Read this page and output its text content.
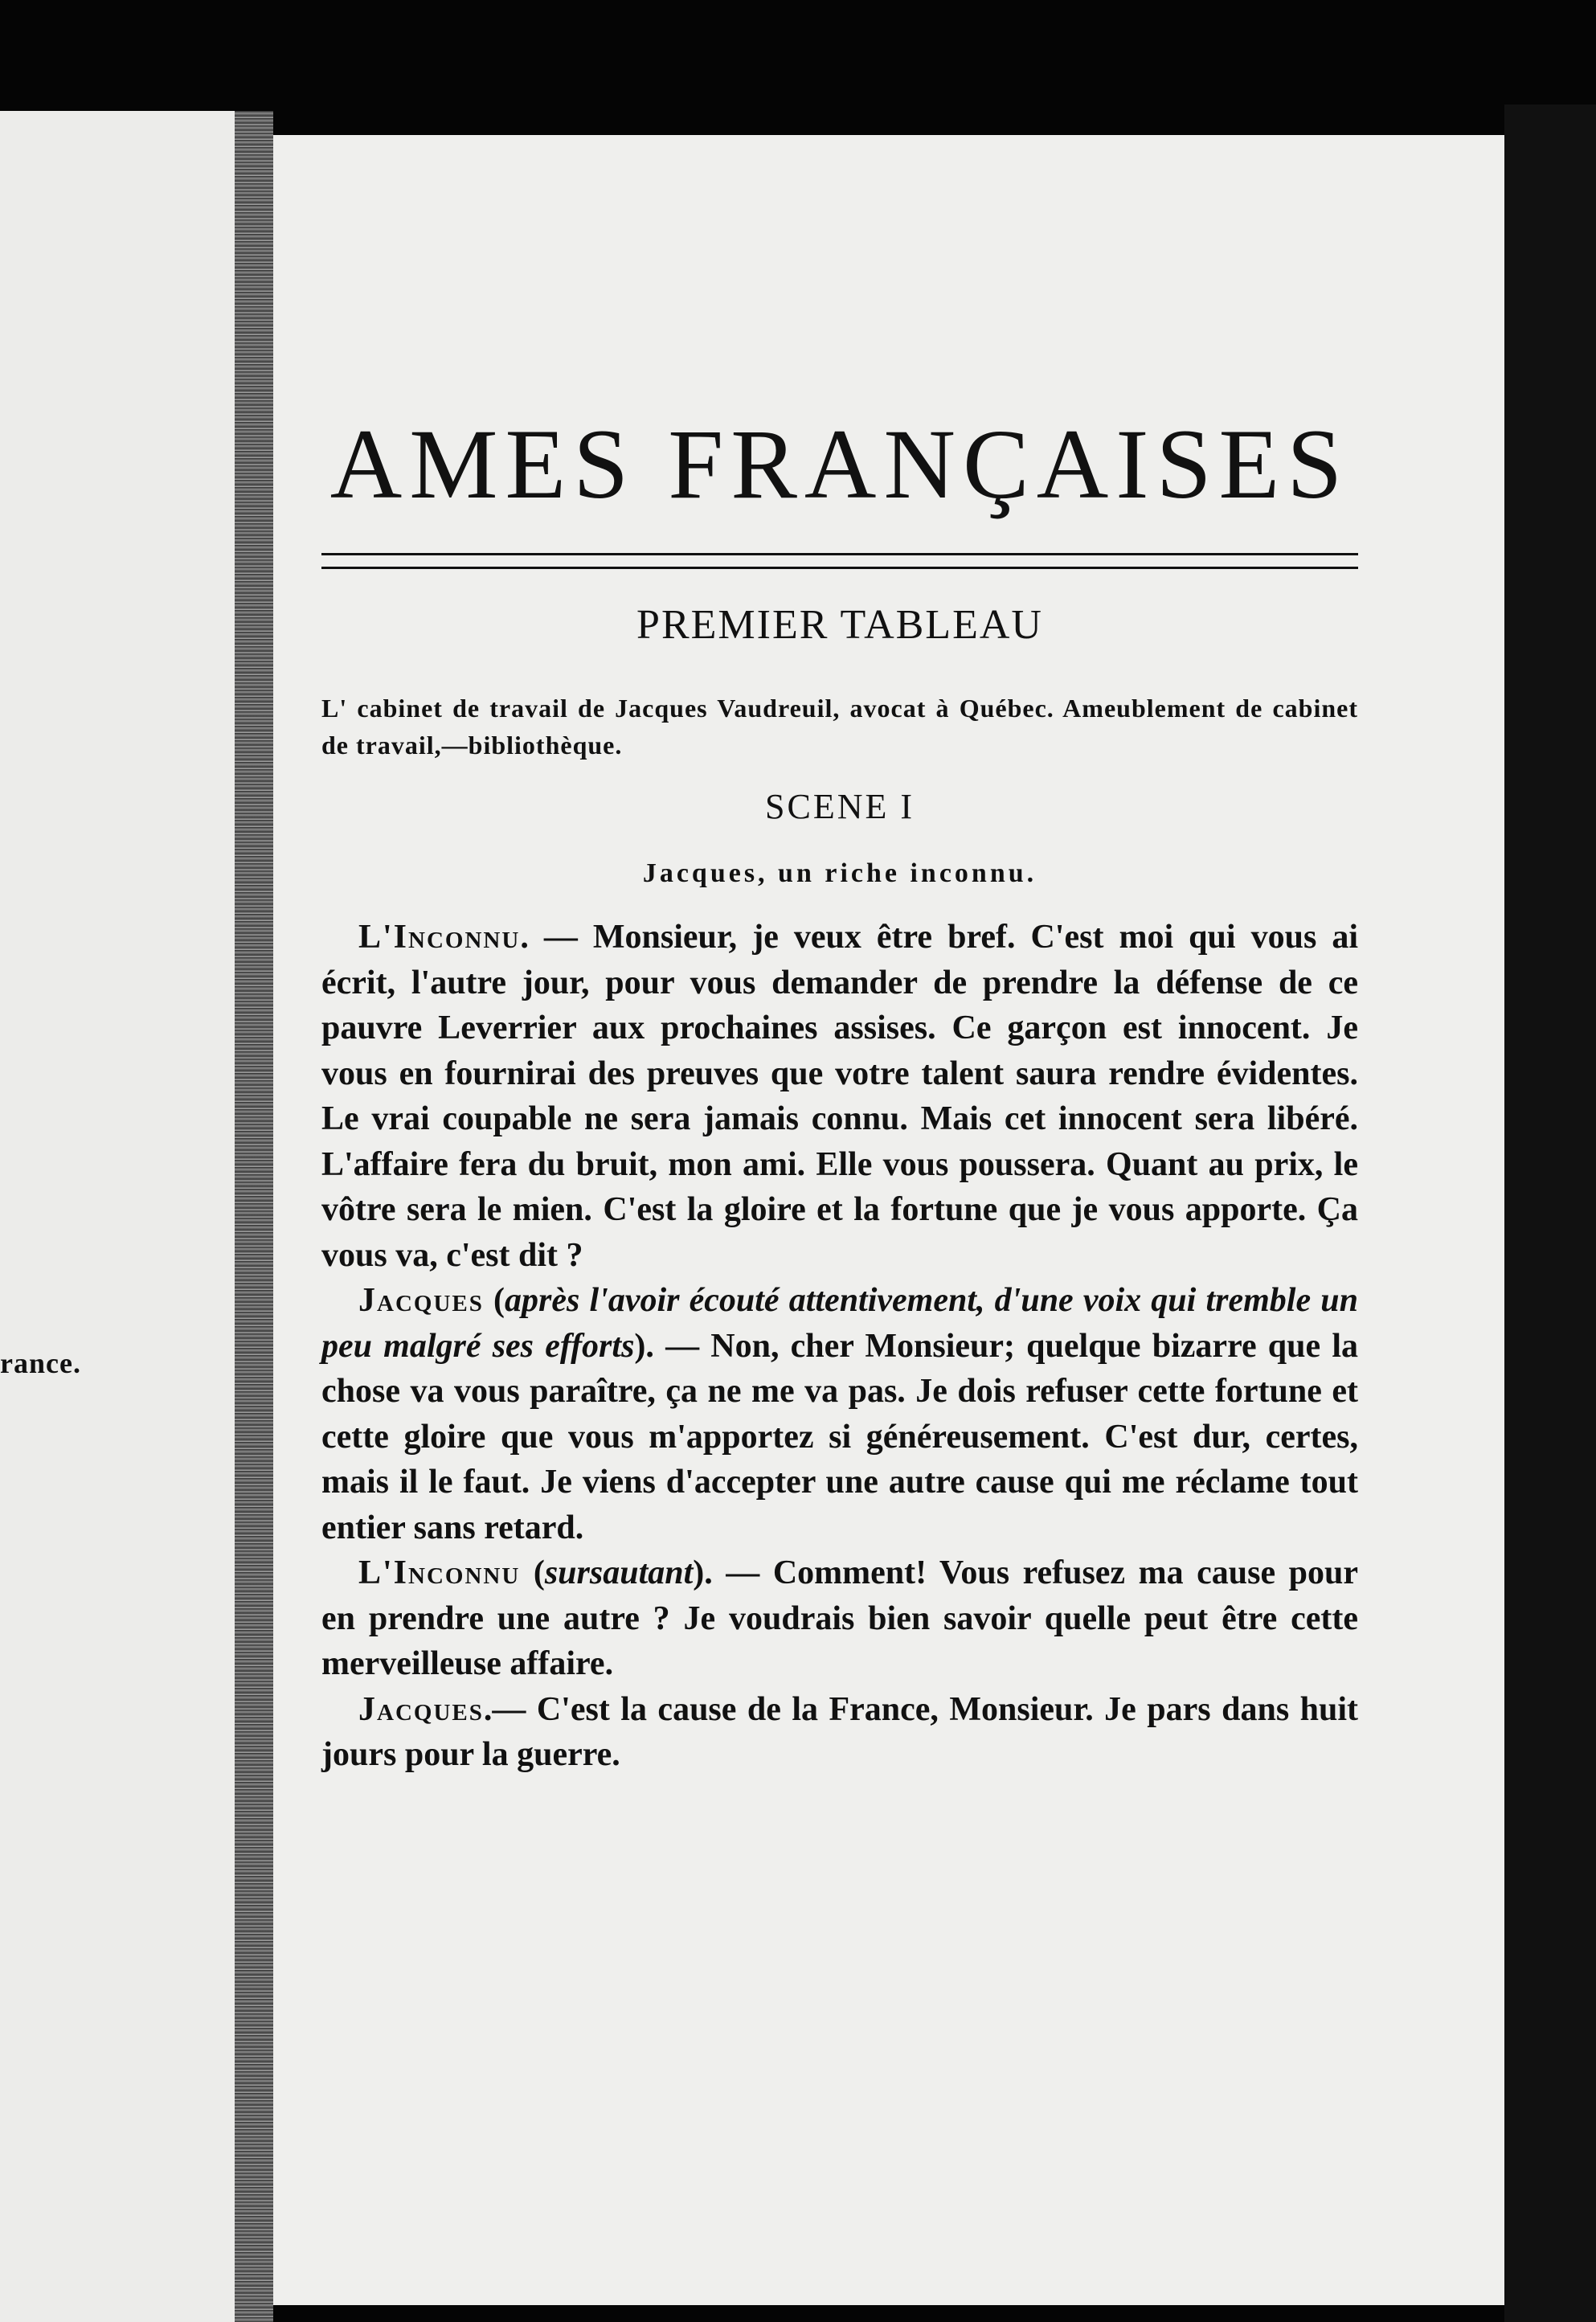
rance.
AMES FRANÇAISES
PREMIER TABLEAU

L' cabinet de travail de Jacques Vaudreuil, avocat à Québec. Ameublement de cabinet de travail,—bibliothèque.

SCENE I

Jacques, un riche inconnu.

L'Inconnu. — Monsieur, je veux être bref. C'est moi qui vous ai écrit, l'autre jour, pour vous demander de prendre la défense de ce pauvre Leverrier aux prochaines assises. Ce garçon est innocent. Je vous en fournirai des preuves que votre talent saura rendre évidentes. Le vrai coupable ne sera jamais connu. Mais cet innocent sera libéré. L'affaire fera du bruit, mon ami. Elle vous poussera. Quant au prix, le vôtre sera le mien. C'est la gloire et la fortune que je vous apporte. Ça vous va, c'est dit ?

Jacques (après l'avoir écouté attentivement, d'une voix qui tremble un peu malgré ses efforts). — Non, cher Monsieur; quelque bizarre que la chose va vous paraître, ça ne me va pas. Je dois refuser cette fortune et cette gloire que vous m'apportez si généreusement. C'est dur, certes, mais il le faut. Je viens d'accepter une autre cause qui me réclame tout entier sans retard.

L'Inconnu (sursautant). — Comment! Vous refusez ma cause pour en prendre une autre ? Je voudrais bien savoir quelle peut être cette merveilleuse affaire.

Jacques.— C'est la cause de la France, Monsieur. Je pars dans huit jours pour la guerre.
